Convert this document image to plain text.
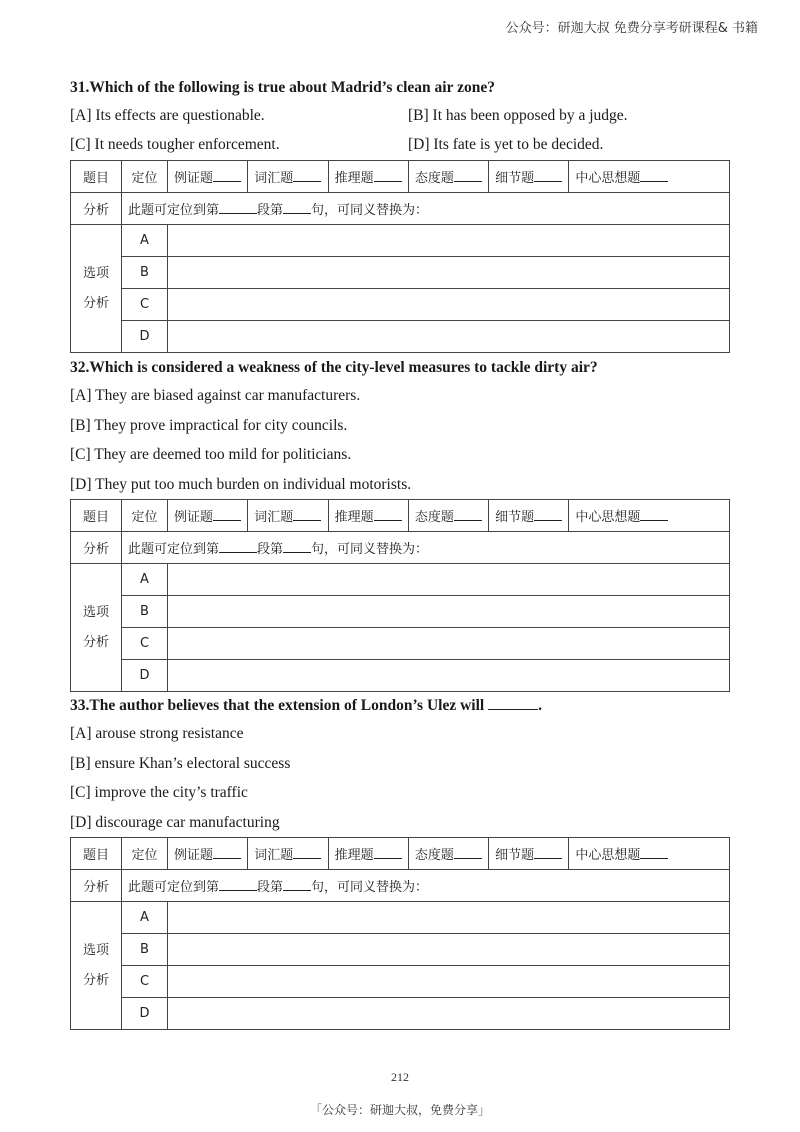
公众号：研迦大叔 免费分享考研课程& 书籍
31.Which of the following is true about Madrid’s clean air zone?
[A] Its effects are questionable.	[B] It has been opposed by a judge.
[C] It needs tougher enforcement.	[D] Its fate is yet to be decided.
题目	定位	例证题	词汇题	推理题	态度题	细节题	中心思想题
分析	此题可定位到第 段第 句，可同义替换为：						

选项
分析	A						
	B						
	C						
	D						
32.Which is considered a weakness of the city-level measures to tackle dirty air?
[A] They are biased against car manufacturers.
[B] They prove impractical for city councils.
[C] They are deemed too mild for politicians.
[D] They put too much burden on individual motorists.
题目	定位	例证题	词汇题	推理题	态度题	细节题	中心思想题
分析	此题可定位到第 段第 句，可同义替换为：						

选项
分析	A						
	B						
	C						
	D						
33.The author believes that the extension of London’s Ulez will	.
[A] arouse strong resistance
[B] ensure Khan’s electoral success
[C] improve the city’s traffic
[D] discourage car manufacturing
题目	定位	例证题	词汇题	推理题	态度题	细节题	中心思想题
分析	此题可定位到第 段第 句，可同义替换为：						

选项
分析	A						
	B						
	C						
	D						
212
「公众号：研迦大叔，免费分享」
